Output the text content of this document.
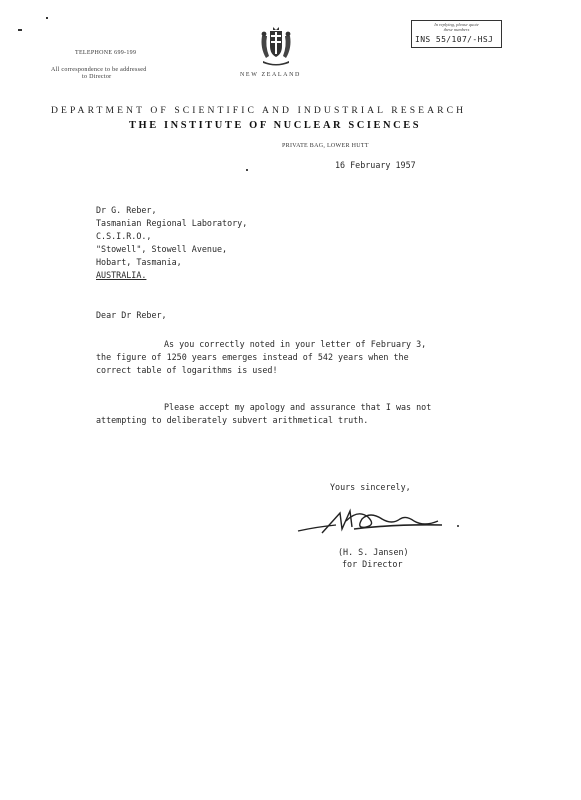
TELEPHONE 699-199
All correspondence to be addressed
to Director	NEW ZEALAND
In replying, please quote
these numbers
INS 55/107/-HSJ
DEPARTMENT OF SCIENTIFIC AND INDUSTRIAL RESEARCH
THE INSTITUTE OF NUCLEAR SCIENCES
PRIVATE BAG, LOWER HUTT
16 February 1957
Dr G. Reber,
Tasmanian Regional Laboratory,
C.S.I.R.O.,
"Stowell", Stowell Avenue,
Hobart, Tasmania,
AUSTRALIA.
Dear Dr Reber,
As you correctly noted in your letter of February 3,
the figure of 1250 years emerges instead of 542 years when the
correct table of logarithms is used!
Please accept my apology and assurance that I was not
attempting to deliberately subvert arithmetical truth.
Yours sincerely,
(H. S. Jansen)
for Director
